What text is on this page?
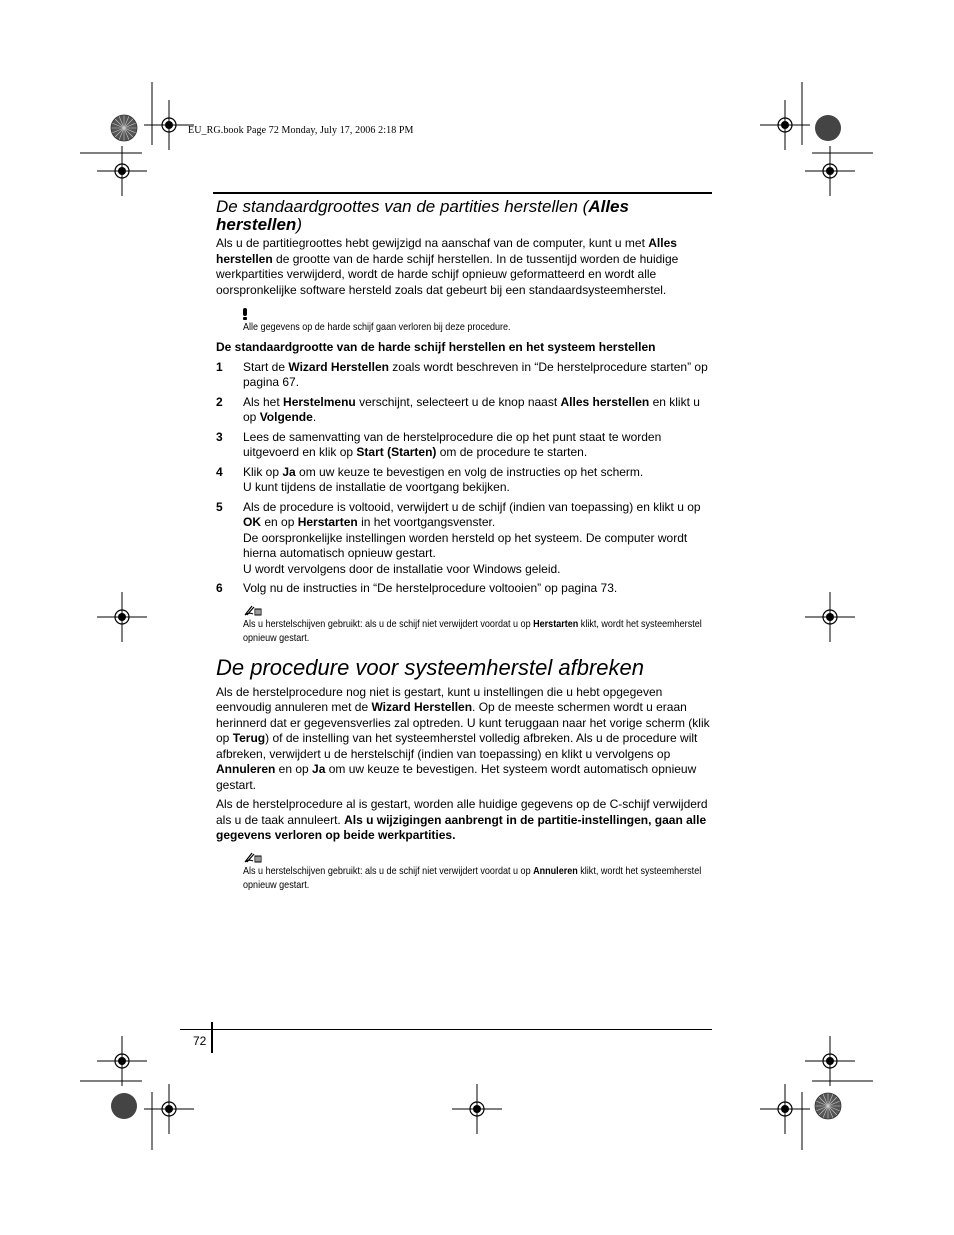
EU_RG.book Page 72 Monday, July 17, 2006 2:18 PM
De standaardgroottes van de partities herstellen (Alles herstellen)

Als u de partitiegroottes hebt gewijzigd na aanschaf van de computer, kunt u met Alles herstellen de grootte van de harde schijf herstellen. In de tussentijd worden de huidige werkpartities verwijderd, wordt de harde schijf opnieuw geformatteerd en wordt alle oorspronkelijke software hersteld zoals dat gebeurt bij een standaardsysteemherstel.

Alle gegevens op de harde schijf gaan verloren bij deze procedure.
De standaardgrootte van de harde schijf herstellen en het systeem herstellen
1 Start de Wizard Herstellen zoals wordt beschreven in “De herstelprocedure starten” op pagina 67.
2 Als het Herstelmenu verschijnt, selecteert u de knop naast Alles herstellen en klikt u op Volgende.
3 Lees de samenvatting van de herstelprocedure die op het punt staat te worden uitgevoerd en klik op Start (Starten) om de procedure te starten.
4 Klik op Ja om uw keuze te bevestigen en volg de instructies op het scherm.
U kunt tijdens de installatie de voortgang bekijken.
5 Als de procedure is voltooid, verwijdert u de schijf (indien van toepassing) en klikt u op OK en op Herstarten in het voortgangsvenster.
De oorspronkelijke instellingen worden hersteld op het systeem. De computer wordt hierna automatisch opnieuw gestart.
U wordt vervolgens door de installatie voor Windows geleid.
6 Volg nu de instructies in “De herstelprocedure voltooien” op pagina 73.
Als u herstelschijven gebruikt: als u de schijf niet verwijdert voordat u op Herstarten klikt, wordt het systeemherstel opnieuw gestart.
De procedure voor systeemherstel afbreken

Als de herstelprocedure nog niet is gestart, kunt u instellingen die u hebt opgegeven eenvoudig annuleren met de Wizard Herstellen. Op de meeste schermen wordt u eraan herinnerd dat er gegevensverlies zal optreden. U kunt teruggaan naar het vorige scherm (klik op Terug) of de instelling van het systeemherstel volledig afbreken. Als u de procedure wilt afbreken, verwijdert u de herstelschijf (indien van toepassing) en klikt u vervolgens op Annuleren en op Ja om uw keuze te bevestigen. Het systeem wordt automatisch opnieuw gestart.

Als de herstelprocedure al is gestart, worden alle huidige gegevens op de C-schijf verwijderd als u de taak annuleert. Als u wijzigingen aanbrengt in de partitie-instellingen, gaan alle gegevens verloren op beide werkpartities.

Als u herstelschijven gebruikt: als u de schijf niet verwijdert voordat u op Annuleren klikt, wordt het systeemherstel opnieuw gestart.
72
